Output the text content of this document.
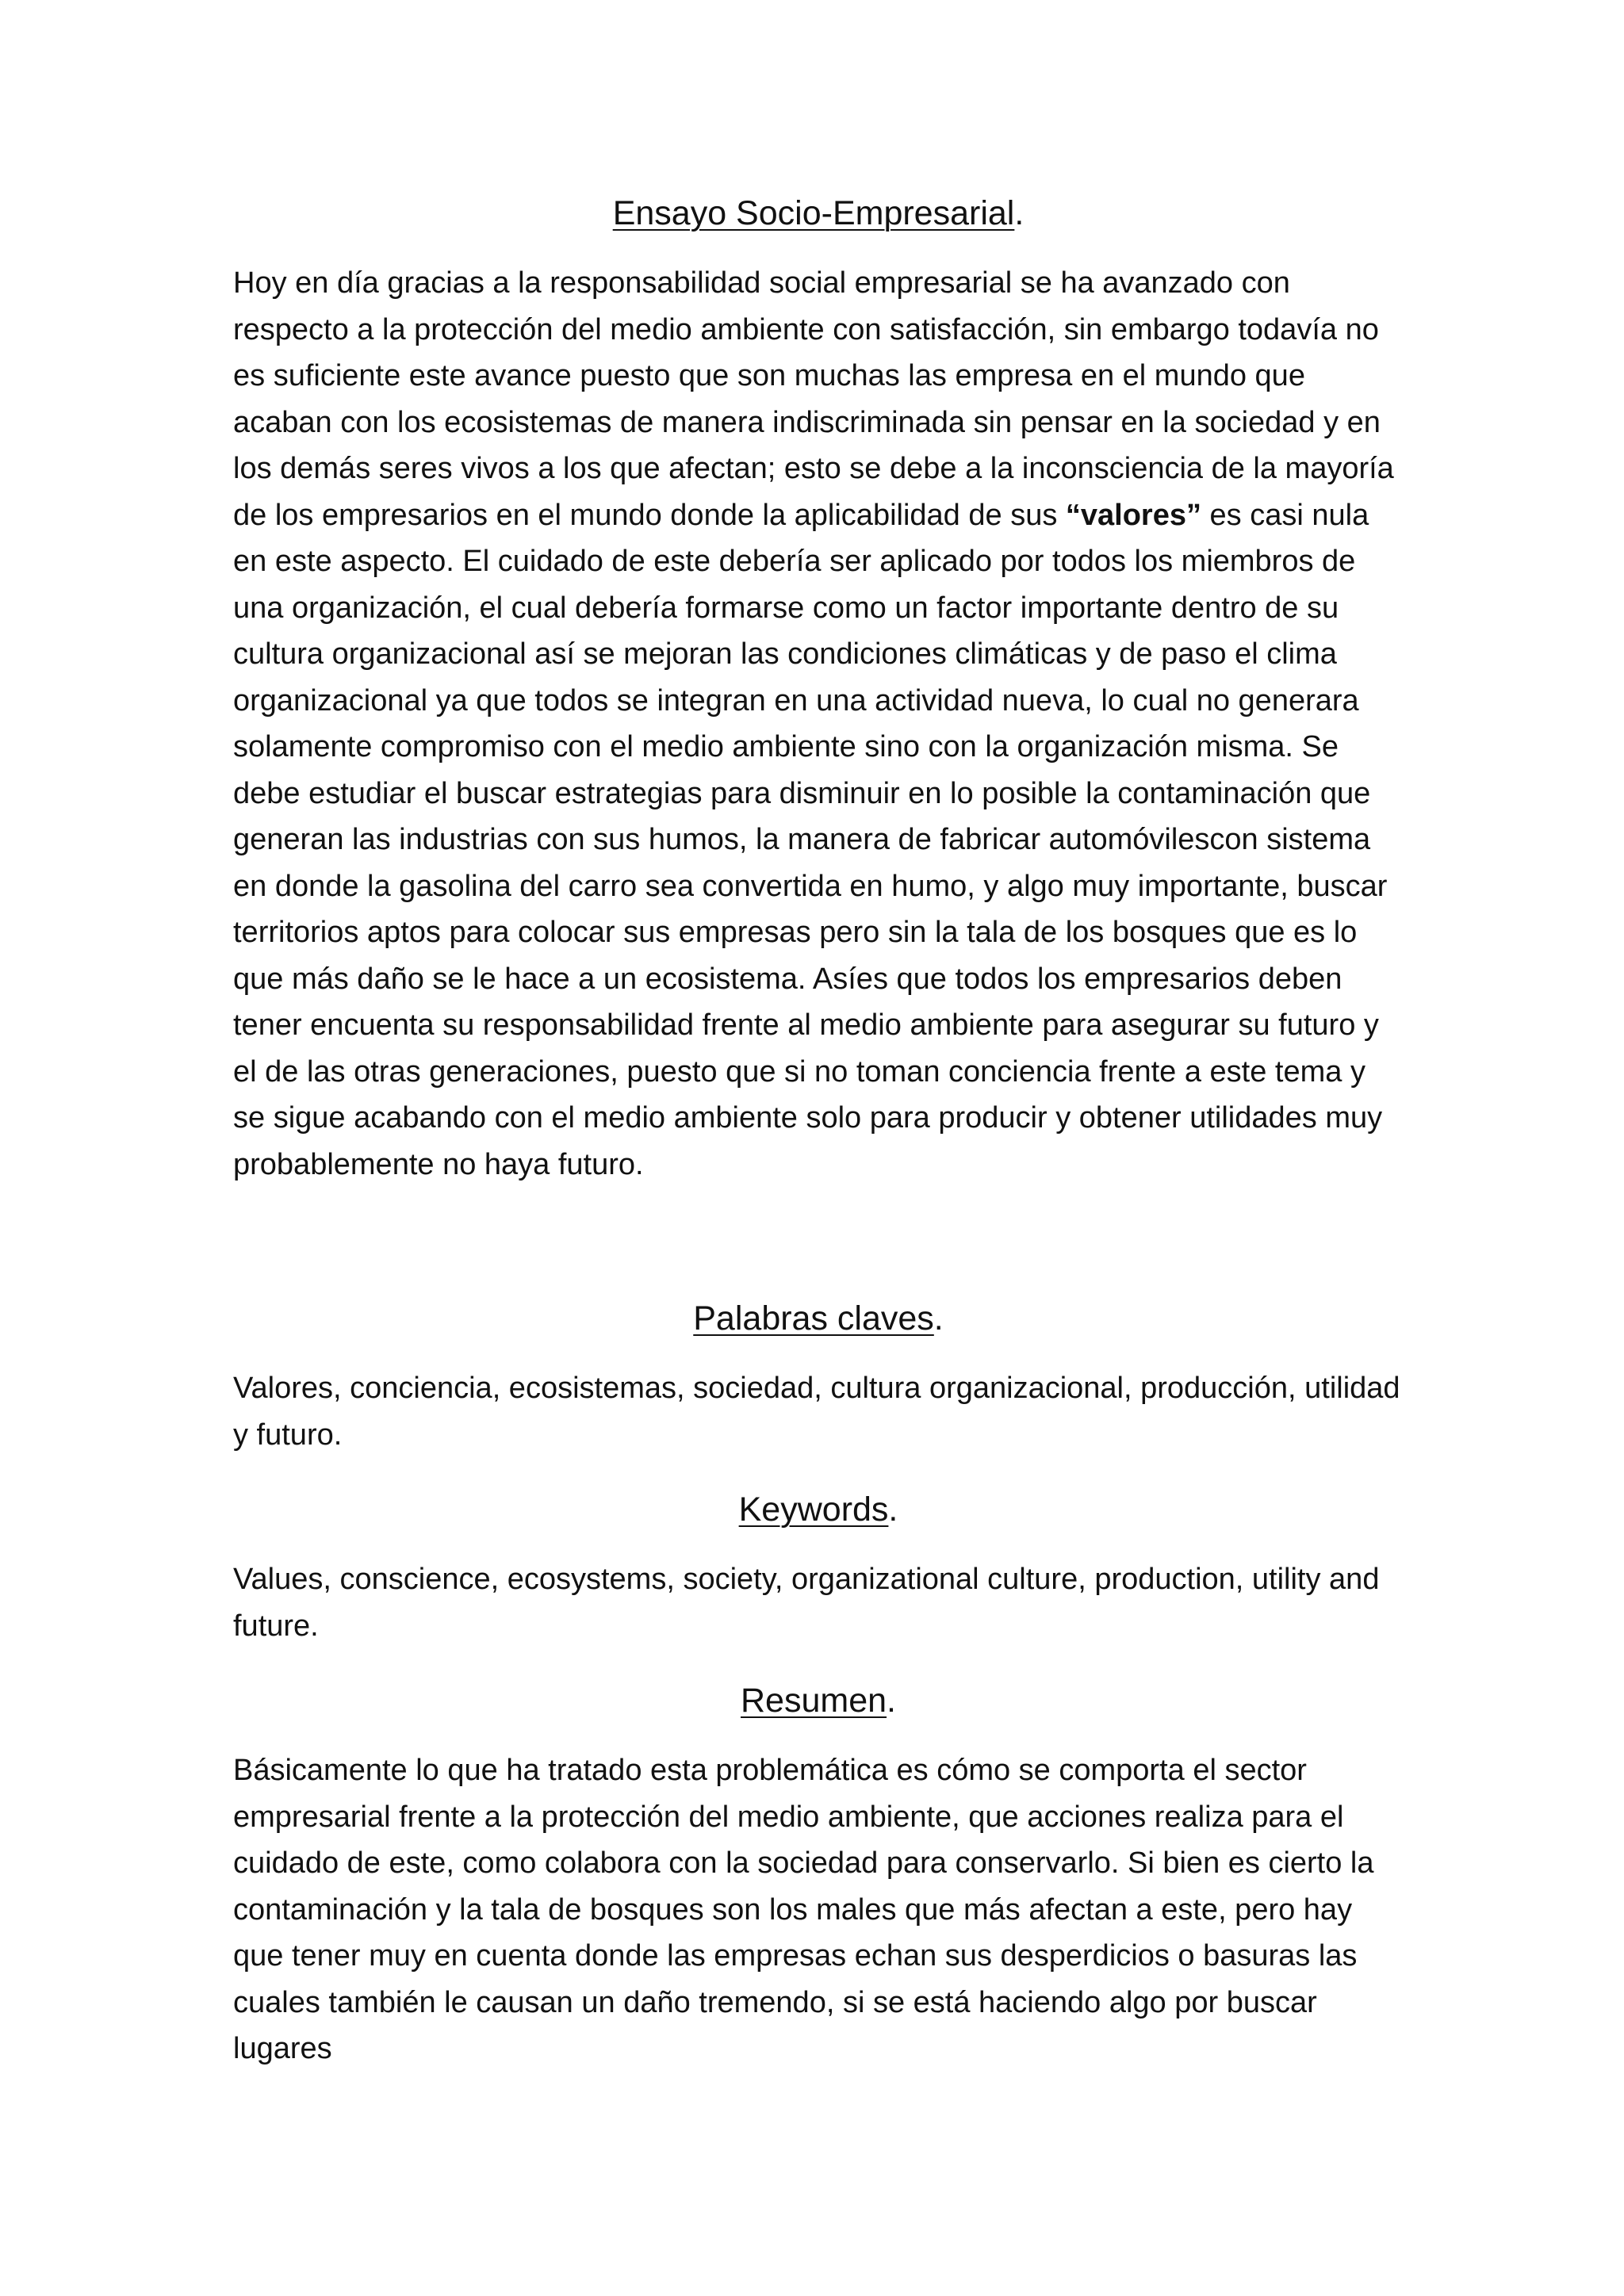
Ensayo Socio-Empresarial.

Hoy en día gracias a la responsabilidad social empresarial se ha avanzado con respecto a la protección del medio ambiente con satisfacción, sin embargo todavía no es suficiente este avance puesto que son muchas las empresa en el mundo que acaban con los ecosistemas de manera indiscriminada sin pensar en la sociedad y en los demás seres vivos a los que afectan; esto se debe a la inconsciencia de la mayoría de los empresarios en el mundo donde la aplicabilidad de sus “valores” es casi nula en este aspecto. El cuidado de este debería ser aplicado por todos los miembros de una organización, el cual debería formarse como un factor importante dentro de su cultura organizacional así se mejoran las condiciones climáticas y de paso el clima organizacional ya que todos se integran en una actividad nueva, lo cual no generara solamente compromiso con el medio ambiente sino con la organización misma. Se debe estudiar el buscar estrategias para disminuir en lo posible la contaminación que generan las industrias con sus humos, la manera de fabricar automóvilescon sistema en donde la gasolina del carro sea convertida en humo, y algo muy importante, buscar territorios aptos para colocar sus empresas pero sin la tala de los bosques que es lo que más daño se le hace a un ecosistema. Asíes que todos los empresarios deben tener encuenta su responsabilidad frente al medio ambiente para asegurar su futuro y el de las otras generaciones, puesto que si no toman conciencia frente a este tema y se sigue acabando con el medio ambiente solo para producir y obtener utilidades muy probablemente no haya futuro.

Palabras claves.

Valores, conciencia, ecosistemas, sociedad, cultura organizacional, producción, utilidad y futuro.

Keywords.

Values, conscience, ecosystems, society, organizational culture, production, utility and future.

Resumen.

Básicamente lo que ha tratado esta problemática es cómo se comporta el sector empresarial frente a la protección del medio ambiente, que acciones realiza para el cuidado de este, como colabora con la sociedad para conservarlo. Si bien es cierto la contaminación y la tala de bosques son los males que más afectan a este, pero hay que tener muy en cuenta donde las empresas echan sus desperdicios o basuras las cuales también le causan un daño tremendo, si se está haciendo algo por buscar lugares
